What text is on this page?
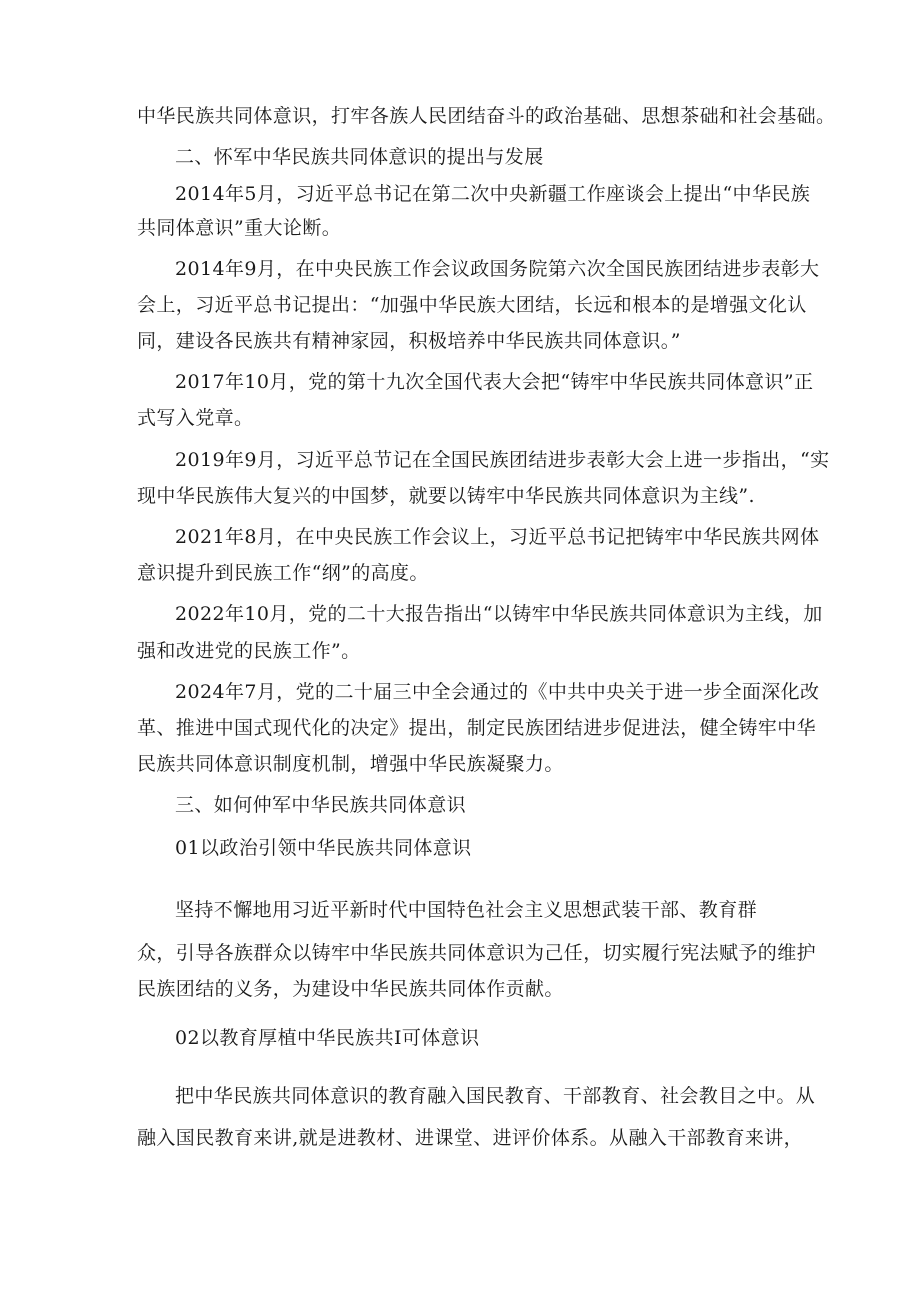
中华民族共同体意识，打牢各族人民团结奋斗的政治基础、思想茶础和社会基础。
二、怀军中华民族共同体意识的提出与发展
2014年5月，习近平总书记在第二次中央新疆工作座谈会上提出“中华民族
共同体意识”重大论断。
2014年9月，在中央民族工作会议政国务院第六次全国民族团结进步表彰大
会上，习近平总书记提出：“加强中华民族大团结，长远和根本的是增强文化认
同，建设各民族共有精神家园，积极培养中华民族共同体意识。”
2017年10月，党的第十九次全国代表大会把“铸牢中华民族共同体意识”正
式写入党章。
2019年9月，习近平总节记在全国民族团结进步表彰大会上进一步指出，“实
现中华民族伟大复兴的中国梦，就要以铸牢中华民族共同体意识为主线”.
2021年8月，在中央民族工作会议上，习近平总书记把铸牢中华民族共网体
意识提升到民族工作“纲”的高度。
2022年10月，党的二十大报告指出“以铸牢中华民族共同体意识为主线，加
强和改进党的民族工作”。
2024年7月，党的二十届三中全会通过的《中共中央关于进一步全面深化改
革、推进中国式现代化的决定》提出，制定民族团结进步促进法，健全铸牢中华
民族共同体意识制度机制，增强中华民族凝聚力。
三、如何仲军中华民族共同体意识
01以政治引领中华民族共同体意识
坚持不懈地用习近平新时代中国特色社会主义思想武装干部、教育群
众，引导各族群众以铸牢中华民族共同体意识为己任，切实履行宪法赋予的维护
民族团结的义务，为建设中华民族共同体作贡献。
02以教育厚植中华民族共I可体意识
把中华民族共同体意识的教育融入国民教育、干部教育、社会教目之中。从
融入国民教育来讲,就是进教材、进课堂、进评价体系。从融入干部教育来讲，
